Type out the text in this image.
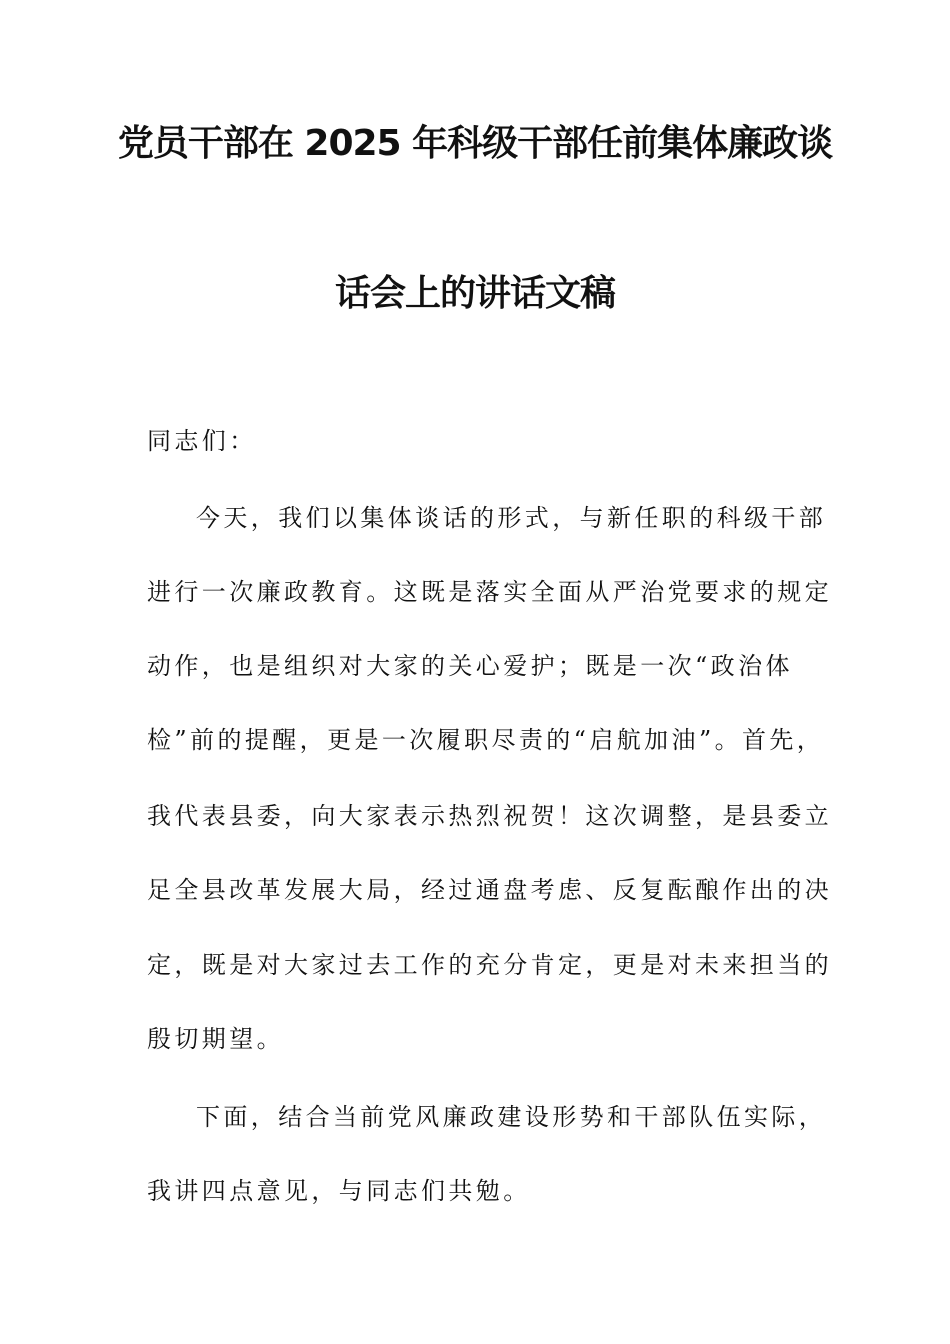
党员干部在 2025 年科级干部任前集体廉政谈
话会上的讲话文稿
同志们：
今天，我们以集体谈话的形式，与新任职的科级干部
进行一次廉政教育。这既是落实全面从严治党要求的规定
动作，也是组织对大家的关心爱护；既是一次“政治体
检”前的提醒，更是一次履职尽责的“启航加油”。首先，
我代表县委，向大家表示热烈祝贺！这次调整，是县委立
足全县改革发展大局，经过通盘考虑、反复酝酿作出的决
定，既是对大家过去工作的充分肯定，更是对未来担当的
殷切期望。
下面，结合当前党风廉政建设形势和干部队伍实际，
我讲四点意见，与同志们共勉。
